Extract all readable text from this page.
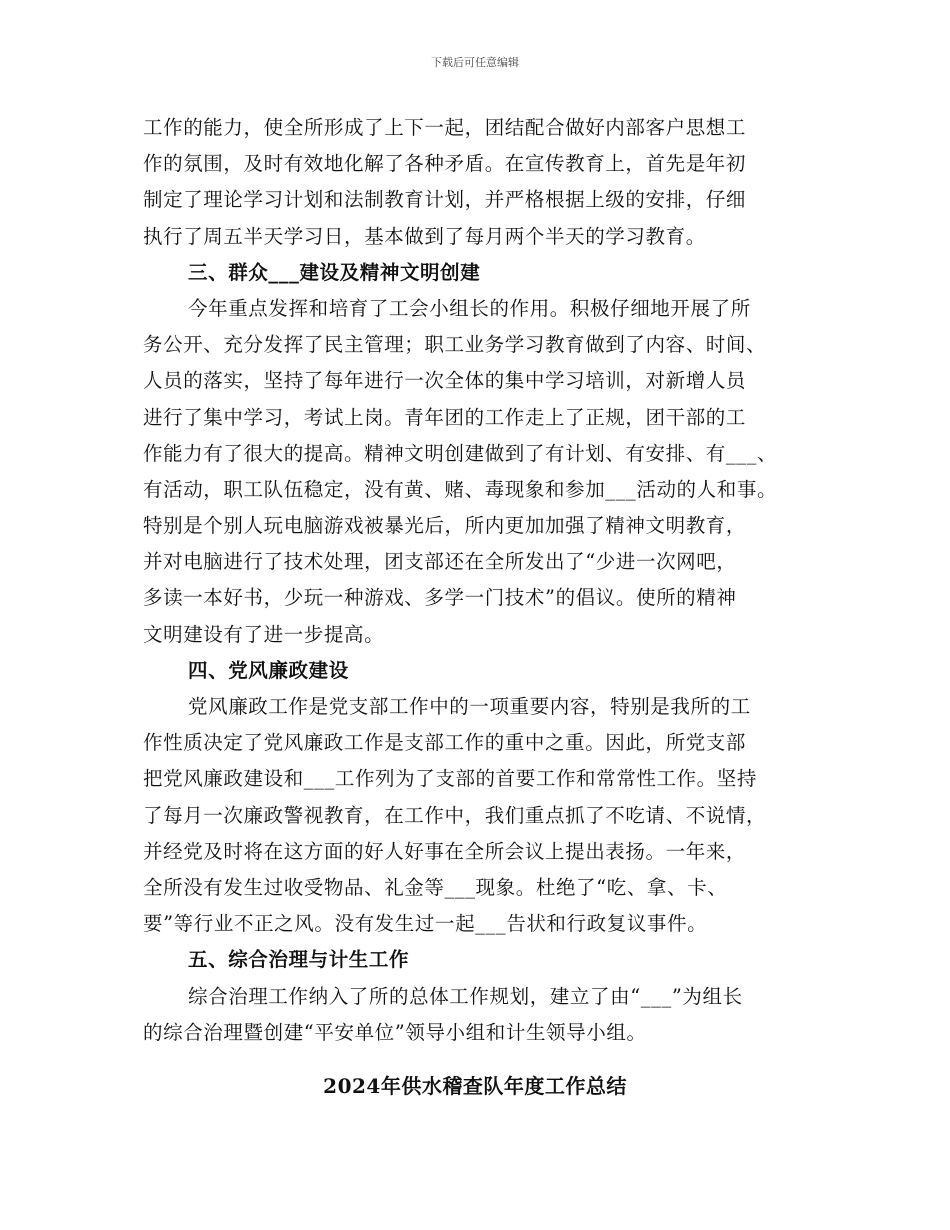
下载后可任意编辑
工作的能力，使全所形成了上下一起，团结配合做好内部客户思想工
作的氛围，及时有效地化解了各种矛盾。在宣传教育上，首先是年初
制定了理论学习计划和法制教育计划，并严格根据上级的安排，仔细
执行了周五半天学习日，基本做到了每月两个半天的学习教育。
三、群众___建设及精神文明创建
今年重点发挥和培育了工会小组长的作用。积极仔细地开展了所
务公开、充分发挥了民主管理；职工业务学习教育做到了内容、时间、
人员的落实，坚持了每年进行一次全体的集中学习培训，对新增人员
进行了集中学习，考试上岗。青年团的工作走上了正规，团干部的工
作能力有了很大的提高。精神文明创建做到了有计划、有安排、有___、
有活动，职工队伍稳定，没有黄、赌、毒现象和参加___活动的人和事。
特别是个别人玩电脑游戏被暴光后，所内更加加强了精神文明教育，
并对电脑进行了技术处理，团支部还在全所发出了“少进一次网吧，
多读一本好书，少玩一种游戏、多学一门技术”的倡议。使所的精神
文明建设有了进一步提高。
四、党风廉政建设
党风廉政工作是党支部工作中的一项重要内容，特别是我所的工
作性质决定了党风廉政工作是支部工作的重中之重。因此，所党支部
把党风廉政建设和___工作列为了支部的首要工作和常常性工作。坚持
了每月一次廉政警视教育，在工作中，我们重点抓了不吃请、不说情，
并经党及时将在这方面的好人好事在全所会议上提出表扬。一年来，
全所没有发生过收受物品、礼金等___现象。杜绝了“吃、拿、卡、
要”等行业不正之风。没有发生过一起___告状和行政复议事件。
五、综合治理与计生工作
综合治理工作纳入了所的总体工作规划，建立了由“___”为组长
的综合治理暨创建“平安单位”领导小组和计生领导小组。
2024年供水稽查队年度工作总结
